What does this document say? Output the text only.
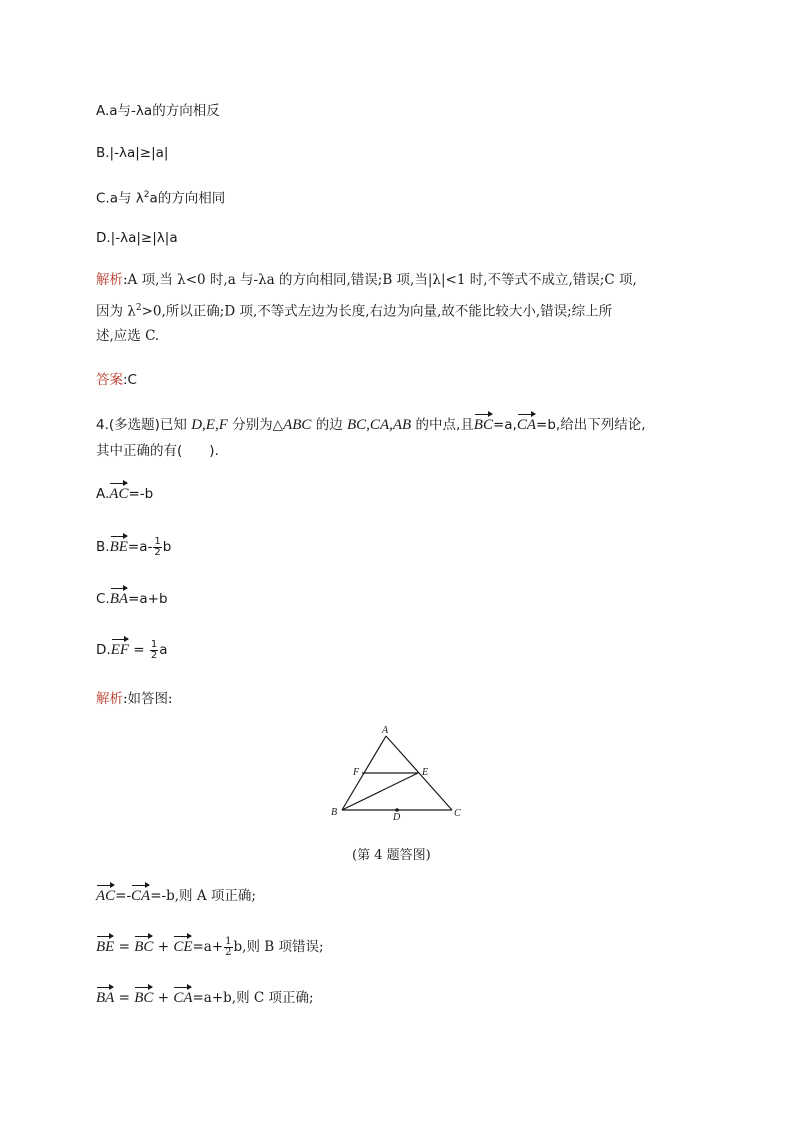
A.a与-λa的方向相反
B.|-λa|≥|a|
C.a与 $\lambda^2a$的方向相同
D.|-λa|≥|λ|a
解析:A 项,当 λ<0 时,a 与-λa 的方向相同,错误;B 项,当|λ|<1 时,不等式不成立,错误;C 项,
因为 $\lambda^2>0$,所以正确;D 项,不等式左边为长度,右边为向量,故不能比较大小,错误;综上所
述,应选 C.
答案:C
4.(多选题)已知 D,E,F 分别为△ABC 的边 BC,CA,AB 的中点,且BC=a,CA=b,给出下列结论,
其中正确的有(　　).
A.AC=-b
$B.BE=a- \frac{1}{2}$ b
C.BA=a+b
$D.EF = \frac{1}{2}$ a
解析:如答图:
A
B	C
D
E
F
(第 4 题答图)
AC=-CA=-b,则 A 项正确;
BE = BC + $CE=a+ \frac{1}{2} b$,则 B 项错误;
BA = BC + CA=a+b,则 C 项正确;
